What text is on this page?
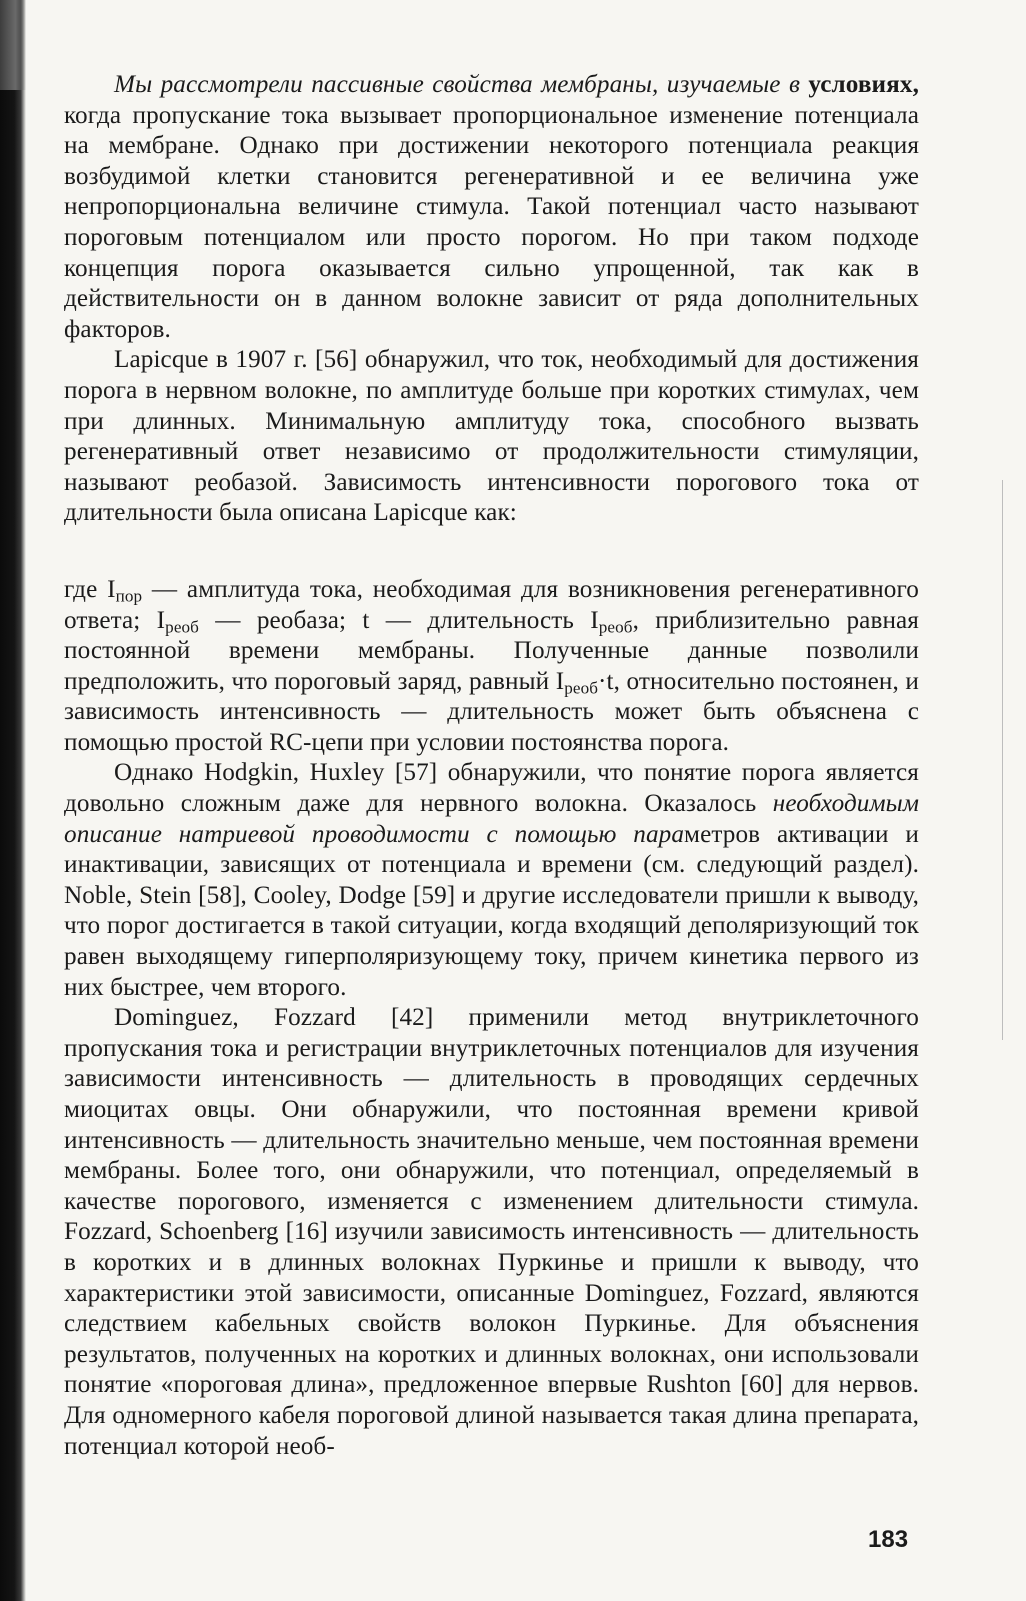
Мы рассмотрели пассивные свойства мембраны, изучаемые в условиях, когда пропускание тока вызывает пропорциональное изменение потенциала на мембране. Однако при достижении некоторого потенциала реакция возбудимой клетки становится регенеративной и ее величина уже непропорциональна величине стимула. Такой потенциал часто называют пороговым потенциалом или просто порогом. Но при таком подходе концепция порога оказывается сильно упрощенной, так как в действительности он в данном волокне зависит от ряда дополнительных факторов.

Lapicque в 1907 г. [56] обнаружил, что ток, необходимый для достижения порога в нервном волокне, по амплитуде больше при коротких стимулах, чем при длинных. Минимальную амплитуду тока, способного вызвать регенеративный ответ независимо от продолжительности стимуляции, называют реобазой. Зависимость интенсивности порогового тока от длительности была описана Lapicque как:

где $I_{пор}$ — амплитуда тока, необходимая для возникновения регенеративного ответа; $I_{реоб}$ — реобаза; t — длительность $I_{реоб}$, приблизительно равная постоянной времени мембраны. Полученные данные позволили предположить, что пороговый заряд, равный $I_{реоб}\cdot t$, относительно постоянен, и зависимость интенсивность — длительность может быть объяснена с помощью простой RC-цепи при условии постоянства порога.

Однако Hodgkin, Huxley [57] обнаружили, что понятие порога является довольно сложным даже для нервного волокна. Оказалось необходимым описание натриевой проводимости с помощью параметров активации и инактивации, зависящих от потенциала и времени (см. следующий раздел). Noble, Stein [58], Cooley, Dodge [59] и другие исследователи пришли к выводу, что порог достигается в такой ситуации, когда входящий деполяризующий ток равен выходящему гиперполяризующему току, причем кинетика первого из них быстрее, чем второго.

Dominguez, Fozzard [42] применили метод внутриклеточного пропускания тока и регистрации внутриклеточных потенциалов для изучения зависимости интенсивность — длительность в проводящих сердечных миоцитах овцы. Они обнаружили, что постоянная времени кривой интенсивность — длительность значительно меньше, чем постоянная времени мембраны. Более того, они обнаружили, что потенциал, определяемый в качестве порогового, изменяется с изменением длительности стимула. Fozzard, Schoenberg [16] изучили зависимость интенсивность — длительность в коротких и в длинных волокнах Пуркинье и пришли к выводу, что характеристики этой зависимости, описанные Dominguez, Fozzard, являются следствием кабельных свойств волокон Пуркинье. Для объяснения результатов, полученных на коротких и длинных волокнах, они использовали понятие «пороговая длина», предложенное впервые Rushton [60] для нервов. Для одномерного кабеля пороговой длиной называется такая длина препарата, потенциал которой необ-

183
